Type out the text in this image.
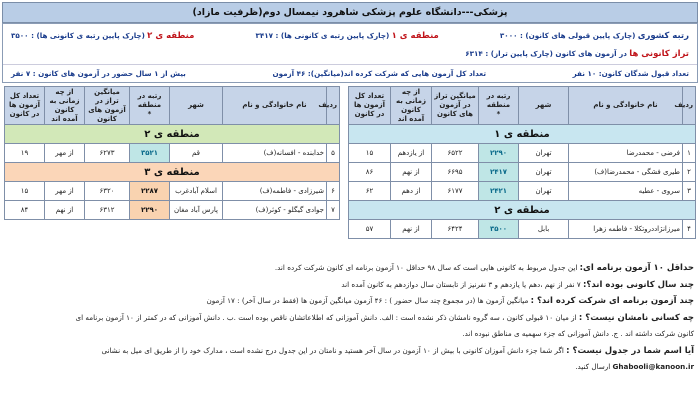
پزشکی---دانشگاه علوم پزشکی شاهرود نیمسال دوم(ظرفیت مازاد)
رتبه کشوری (چارک پایین قبولی های کانون) : ۳۰۰۰
منطقه ی ۱ (چارک پایین رتبه ی کانونی ها) : ۳۴۱۷
منطقه ی ۲ (چارک پایین رتبه ی کانونی ها) : ۳۵۰۰
تراز کانونی ها در آزمون های کانون (چارک پایین تراز) : ۶۳۱۴
تعداد قبول شدگان کانون: ۱۰ نفر
تعداد کل آزمون هایی که شرکت کرده اند(میانگین): ۴۶ آزمون
بیش از ۱ سال حضور در آزمون های کانون : ۷ نفر
ردیف	نام خانوادگی و نام	شهر	رتبه در منطقه
*	میانگین تراز در آزمون های کانون	از چه زمانی به کانون آمده اند	تعداد کل آزمون ها در کانون
منطقه ی ۱						
۱	فرضی - محمدرضا	تهران	۲۲۹۰	۶۵۲۲	از یازدهم	۱۵
۲	طیری فشگی - محمدرضا(ف)	تهران	۲۴۱۷	۶۶۹۵	از نهم	۸۶
۳	سروی - عطیه	تهران	۲۴۲۱	۶۱۷۷	از دهم	۶۲
منطقه ی ۲						
۴	میرزانژاددروتکلا - فاطمه زهرا	بابل	۳۵۰۰	۶۴۲۴	از نهم	۵۷
ردیف	نام خانوادگی و نام	شهر	رتبه در منطقه
*	میانگین تراز در آزمون های کانون	از چه زمانی به کانون آمده اند	تعداد کل آزمون ها در کانون
منطقه ی ۲						
۵	خدابنده - افسانه(ف)	قم	۳۵۲۱	۶۲۷۳	از مهر	۱۹
منطقه ی ۳						
۶	شیرزادی - فاطمه(ف)	اسلام آبادغرب	۲۲۸۷	۶۳۲۰	از مهر	۱۵
۷	جوادی گیگلو - کوثر(ف)	پارس آباد مغان	۲۲۹۰	۶۳۱۲	از نهم	۸۴
حداقل ۱۰ آزمون برنامه ای: این جدول مربوط به کانونی هایی است که سال ۹۸ حداقل ۱۰ آزمون برنامه ای کانون شرکت کرده اند.
چند سال کانونی بوده اند؟: ۷ نفر از نهم ،دهم یا یازدهم و ۳ نفرنیز از تابستان سال دوازدهم به کانون آمده اند
چند آزمون برنامه ای شرکت کرده اند؟ : میانگین آزمون ها (در مجموع چند سال حضور ) : ۴۶ آزمون میانگین آزمون ها (فقط در سال آخر) : ۱۷ آزمون
چه کسانی نامشان نیست؟ : از میان ۱۰ قبولی کانون ، سه گروه نامشان ذکر نشده است : الف. دانش آموزانی که اطلاعاتشان ناقص بوده است .ب . دانش آموزانی که در کمتر از ۱۰ آزمون برنامه ای
کانون شرکت داشته اند . ج. دانش آموزانی که جزء سهمیه ی مناطق نبوده اند.
آیا اسم شما در جدول نیست؟ : اگر شما جزء دانش آموزان کانونی با بیش از ۱۰ آزمون در سال آخر هستید و نامتان در این جدول درج نشده است ، مدارک خود را از طریق ای میل به نشانی
Ghabooli@kanoon.ir ارسال کنید.
